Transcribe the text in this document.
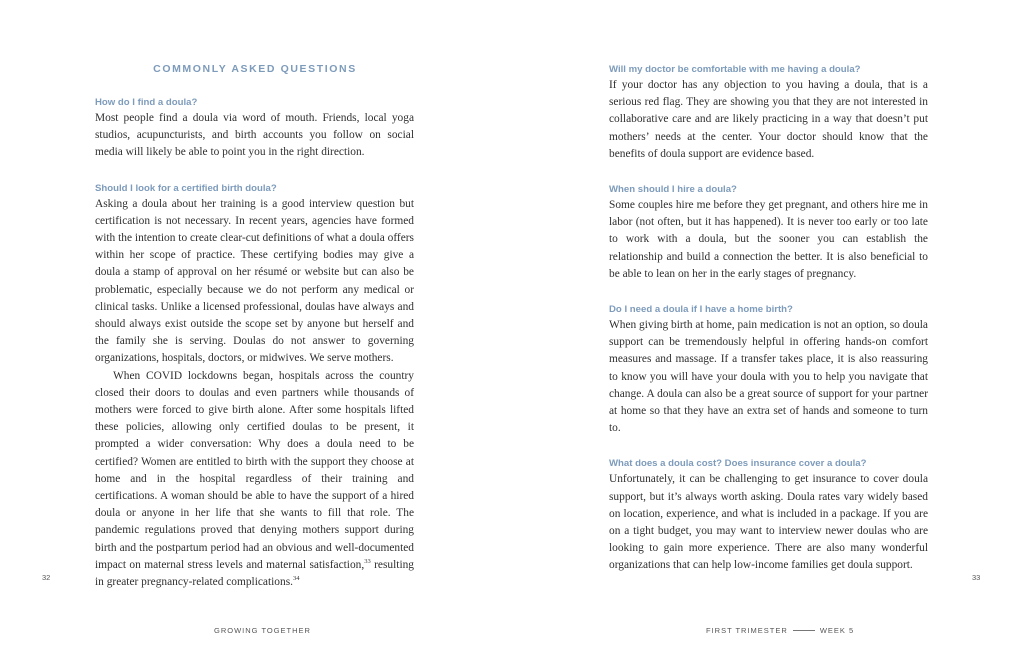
COMMONLY ASKED QUESTIONS

How do I find a doula?

Most people find a doula via word of mouth. Friends, local yoga studios, acupuncturists, and birth accounts you follow on social media will likely be able to point you in the right direction.

Should I look for a certified birth doula?

Asking a doula about her training is a good interview question but certification is not necessary. In recent years, agencies have formed with the intention to create clear-cut definitions of what a doula offers within her scope of practice. These certifying bodies may give a doula a stamp of approval on her résumé or website but can also be problematic, especially because we do not perform any medical or clinical tasks. Unlike a licensed professional, doulas have always and should always exist outside the scope set by anyone but herself and the family she is serving. Doulas do not answer to governing organizations, hospitals, doctors, or midwives. We serve mothers.

When COVID lockdowns began, hospitals across the country closed their doors to doulas and even partners while thousands of mothers were forced to give birth alone. After some hospitals lifted these policies, allowing only certified doulas to be present, it prompted a wider conversation: Why does a doula need to be certified? Women are entitled to birth with the support they choose at home and in the hospital regardless of their training and certifications. A woman should be able to have the support of a hired doula or anyone in her life that she wants to fill that role. The pandemic regulations proved that denying mothers support during birth and the postpartum period had an obvious and well-documented impact on maternal stress levels and maternal satisfaction,$^{33}$ resulting in greater pregnancy-related complications.$^{34}$

32
GROWING TOGETHER

Will my doctor be comfortable with me having a doula?

If your doctor has any objection to you having a doula, that is a serious red flag. They are showing you that they are not interested in collaborative care and are likely practicing in a way that doesn’t put mothers’ needs at the center. Your doctor should know that the benefits of doula support are evidence based.

When should I hire a doula?

Some couples hire me before they get pregnant, and others hire me in labor (not often, but it has happened). It is never too early or too late to work with a doula, but the sooner you can establish the relationship and build a connection the better. It is also beneficial to be able to lean on her in the early stages of pregnancy.

Do I need a doula if I have a home birth?

When giving birth at home, pain medication is not an option, so doula support can be tremendously helpful in offering hands-on comfort measures and massage. If a transfer takes place, it is also reassuring to know you will have your doula with you to help you navigate that change. A doula can also be a great source of support for your partner at home so that they have an extra set of hands and someone to turn to.

What does a doula cost? Does insurance cover a doula?

Unfortunately, it can be challenging to get insurance to cover doula support, but it’s always worth asking. Doula rates vary widely based on location, experience, and what is included in a package. If you are on a tight budget, you may want to interview newer doulas who are looking to gain more experience. There are also many wonderful organizations that can help low-income families get doula support.

33
FIRST TRIMESTER	WEEK 5
